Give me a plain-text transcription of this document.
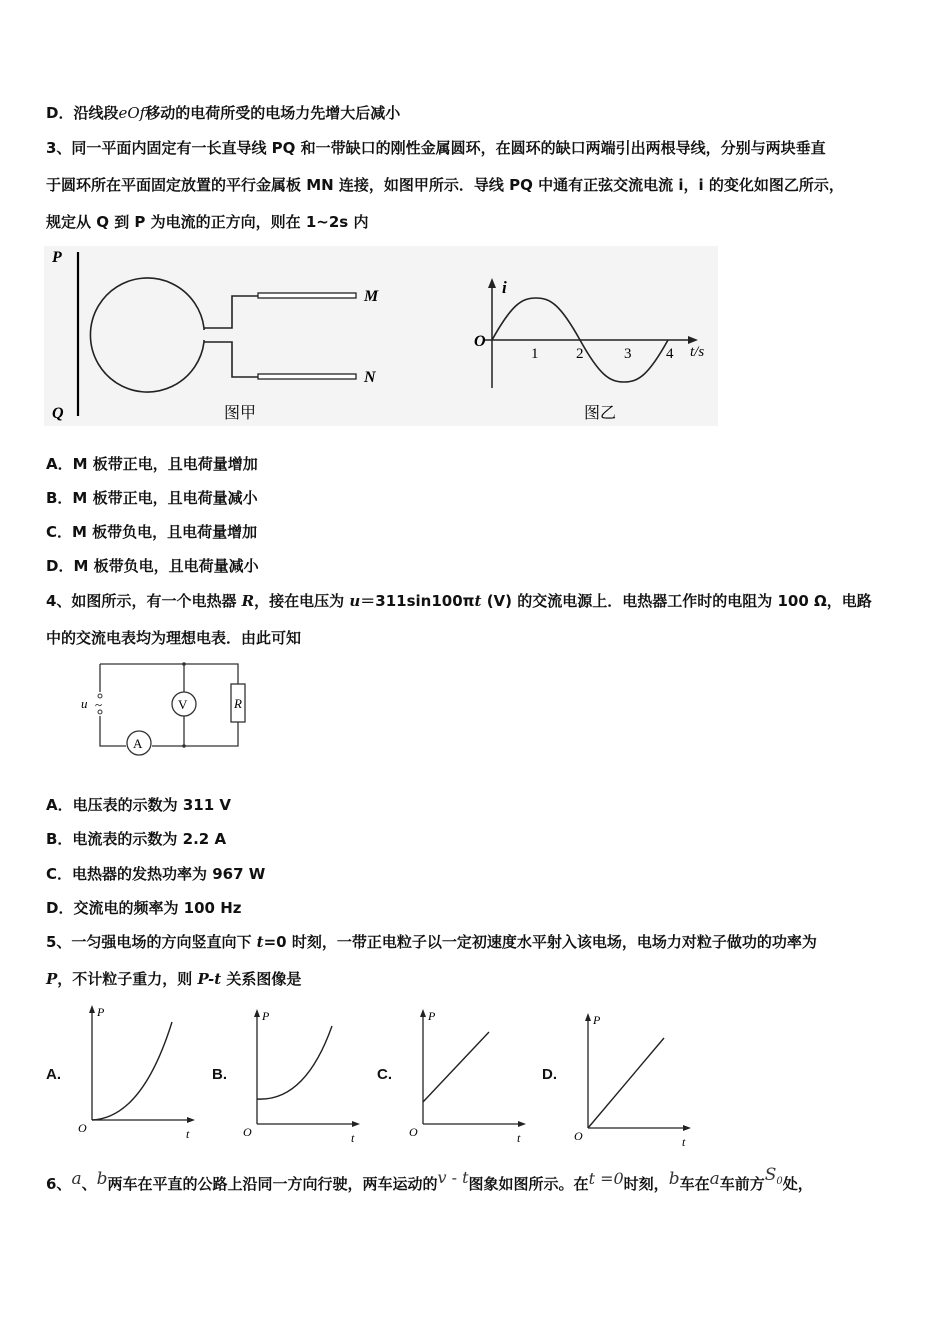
D．沿线段eOf移动的电荷所受的电场力先增大后减小
3、同一平面内固定有一长直导线 PQ 和一带缺口的刚性金属圆环，在圆环的缺口两端引出两根导线，分别与两块垂直
于圆环所在平面固定放置的平行金属板 MN 连接，如图甲所示．导线 PQ 中通有正弦交流电流 i，i 的变化如图乙所示，
规定从 Q 到 P 为电流的正方向，则在 1~2s 内
P
Q
M
N
图甲
i
O
1	2	3 4 t/s
图乙
A．M 板带正电，且电荷量增加
B．M 板带正电，且电荷量减小
C．M 板带负电，且电荷量增加
D．M 板带负电，且电荷量减小
4、如图所示，有一个电热器 R，接在电压为 u＝311sin100πt (V) 的交流电源上．电热器工作时的电阻为 100 Ω，电路
中的交流电表均为理想电表．由此可知
u ~	V	R
A
A．电压表的示数为 311 V
B．电流表的示数为 2.2 A
C．电热器的发热功率为 967 W
D．交流电的频率为 100 Hz
5、一匀强电场的方向竖直向下 t=0 时刻，一带正电粒子以一定初速度水平射入该电场，电场力对粒子做功的功率为
P，不计粒子重力，则 P-t 关系图像是
A.	B.	C.	D.
P
O	t
P
O	t
P
O	t
P
O	t
6、a、b两车在平直的公路上沿同一方向行驶，两车运动的v - t图象如图所示。在t =0时刻，b车在a车前方$S^0$处，
